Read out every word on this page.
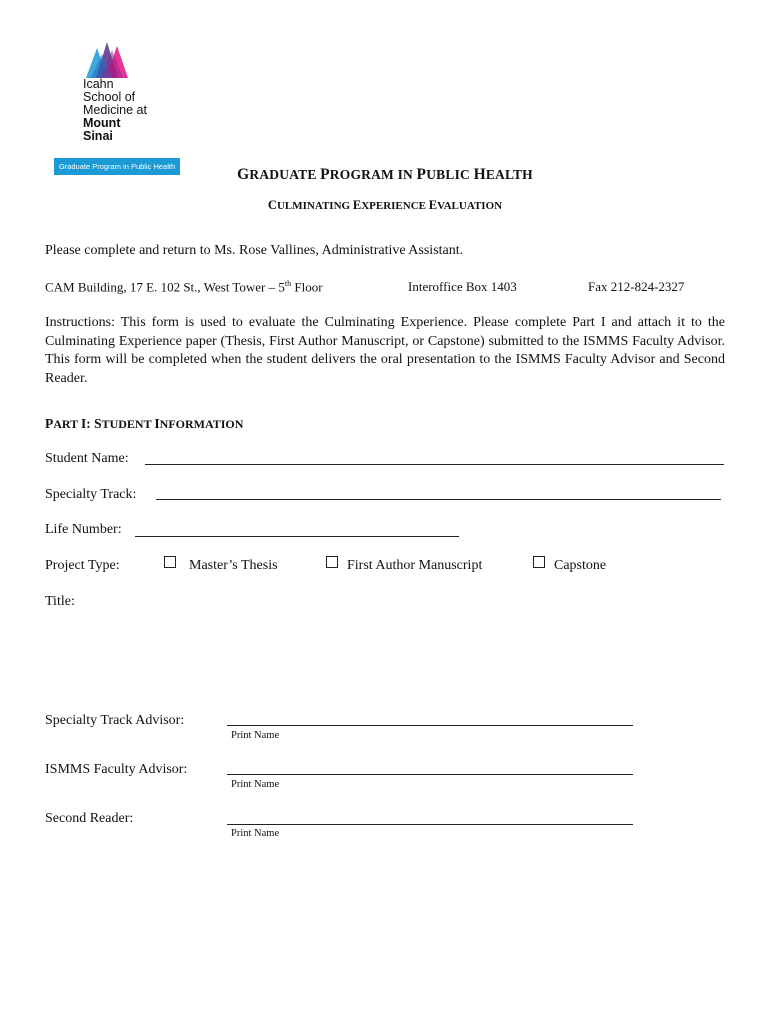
Icahn
School of
Medicine at
Mount
Sinai
Graduate Program in Public Health	GRADUATE PROGRAM IN PUBLIC HEALTH
CULMINATING EXPERIENCE EVALUATION
Please complete and return to Ms. Rose Vallines, Administrative Assistant.
CAM Building, 17 E. 102 St., West Tower – 5th Floor	Interoffice Box 1403	Fax 212-824-2327
Instructions: This form is used to evaluate the Culminating Experience. Please complete Part I and attach it to the Culminating Experience paper (Thesis, First Author Manuscript, or Capstone) submitted to the ISMMS Faculty Advisor. This form will be completed when the student delivers the oral presentation to the ISMMS Faculty Advisor and Second Reader.
PART I: STUDENT INFORMATION
Student Name:
Specialty Track:
Life Number:
Project Type:	Master’s Thesis	First Author Manuscript	Capstone
Title:
Specialty Track Advisor:
Print Name
ISMMS Faculty Advisor:
Print Name
Second Reader:
Print Name
